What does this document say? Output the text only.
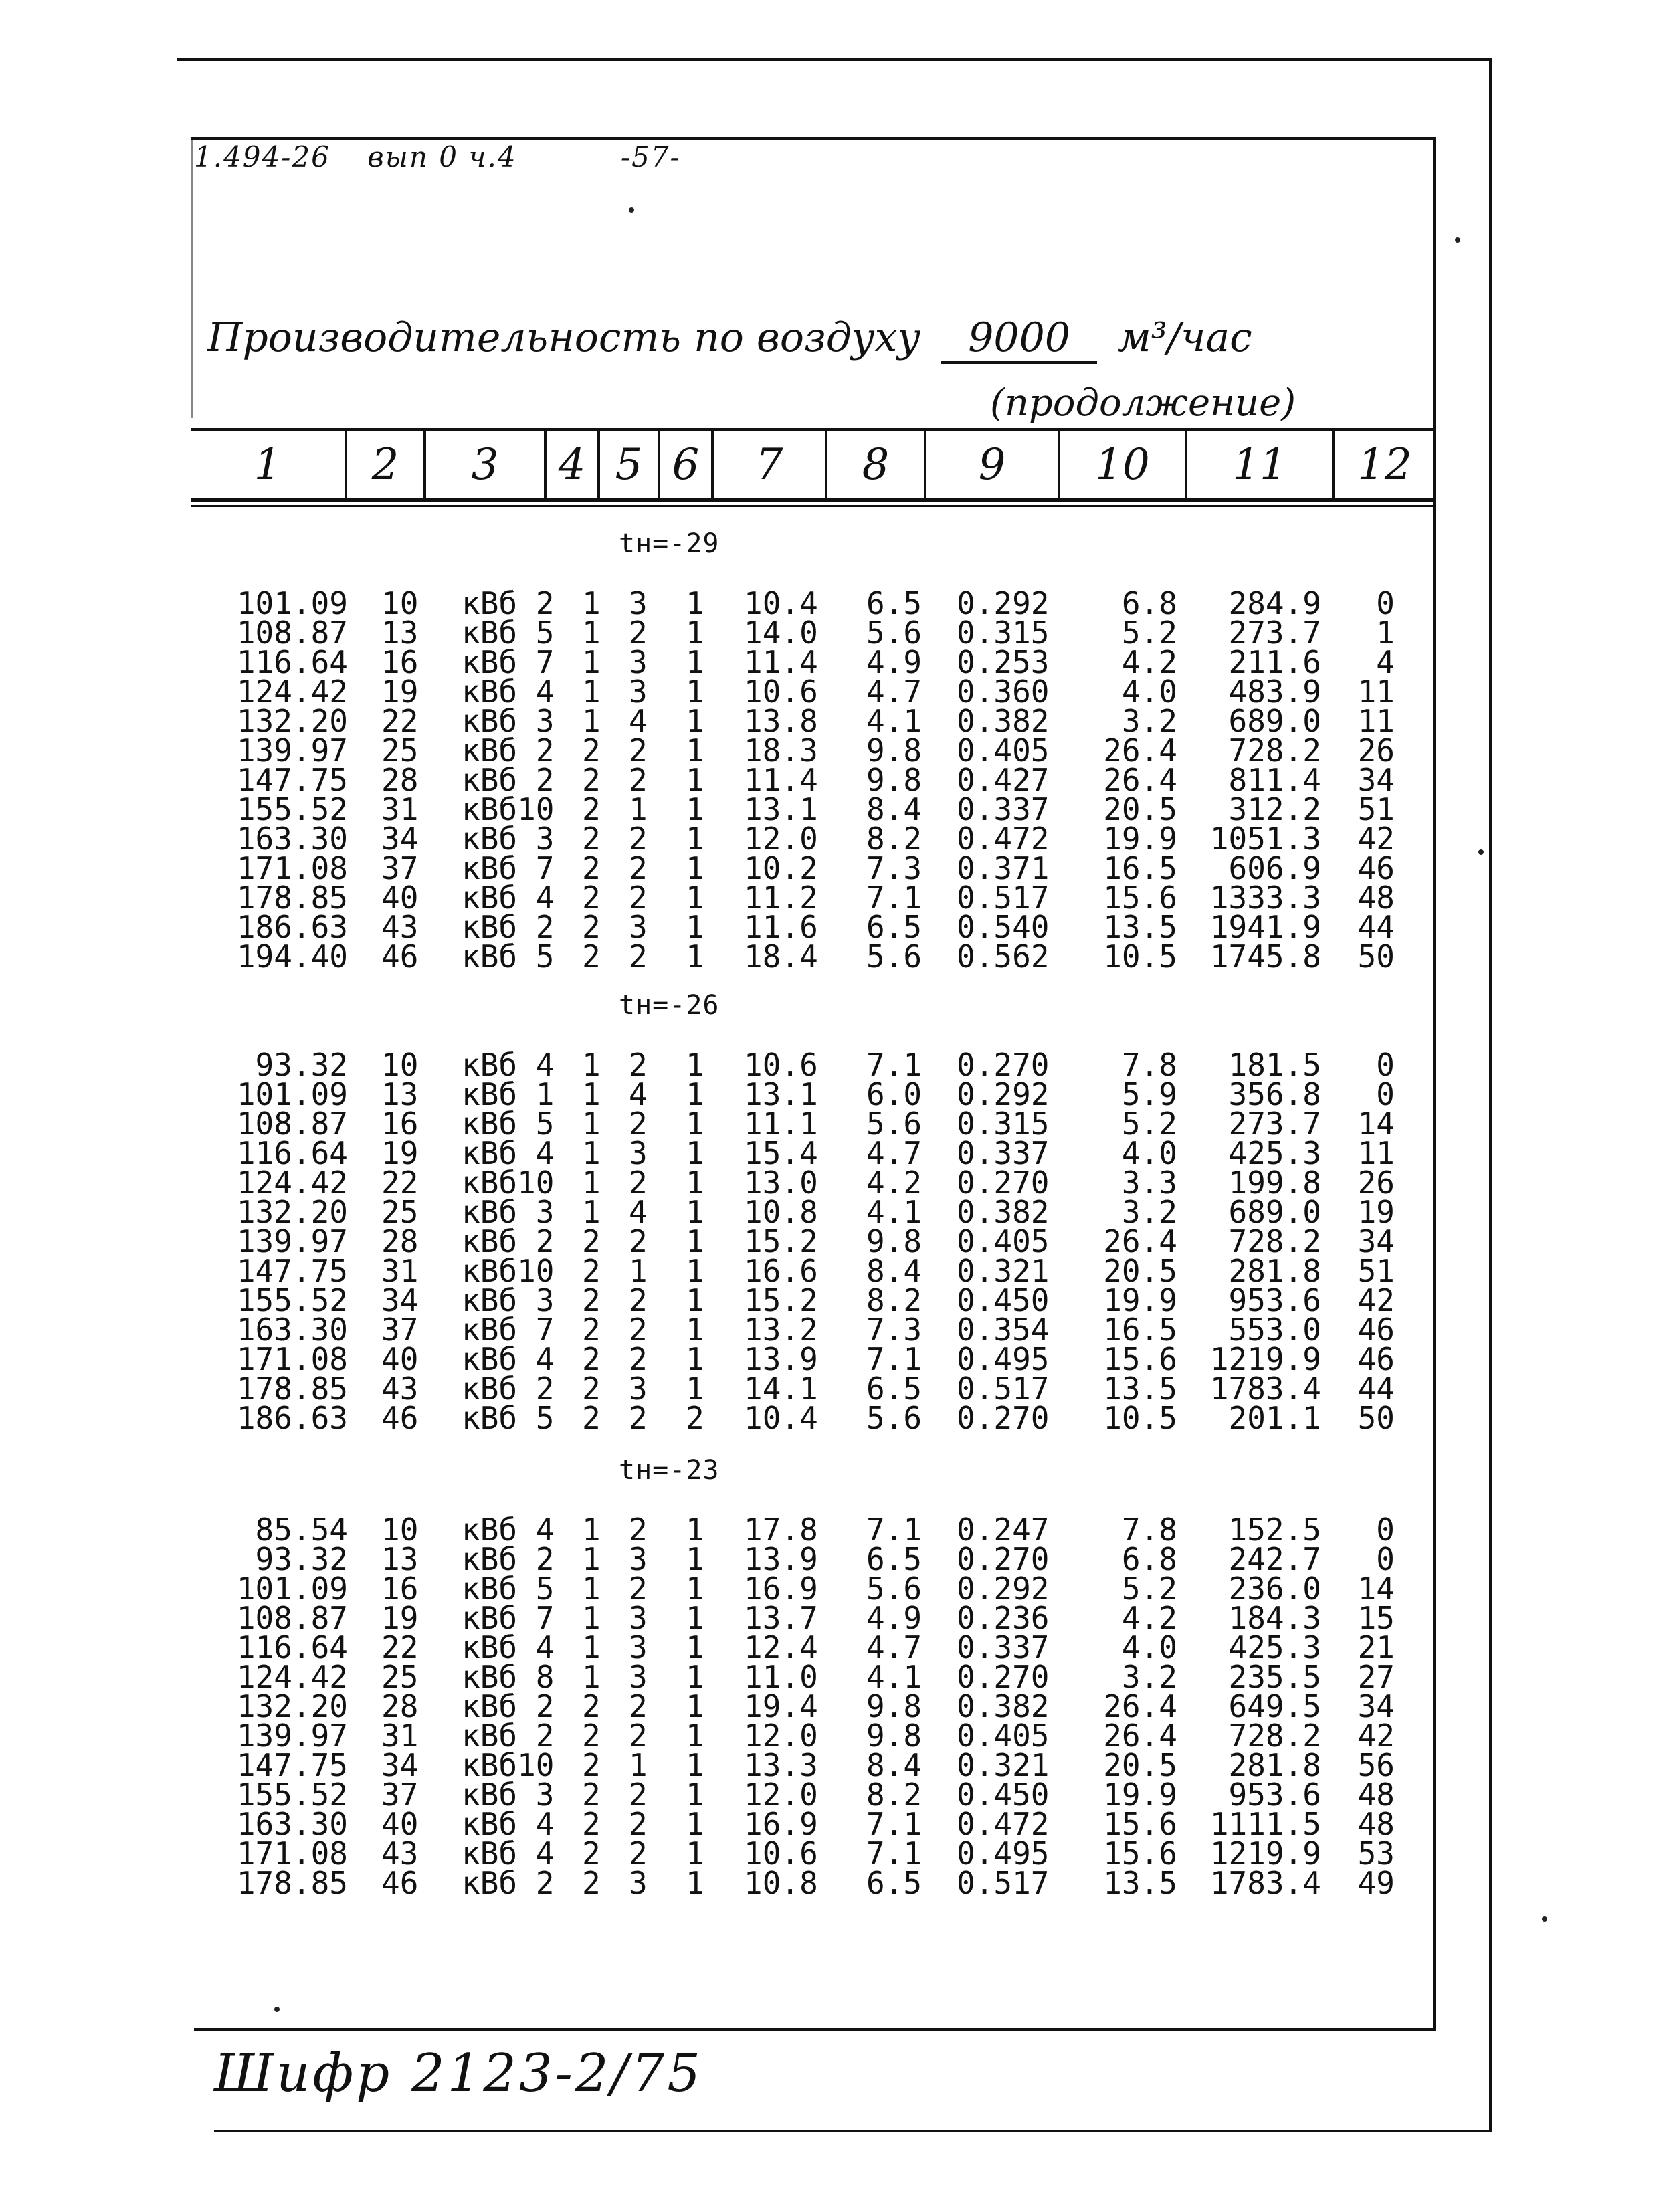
1.494-26 вып 0 ч.4	-57-
Производительность по воздуху 9000 м³/час
(продолжение)
1	2	3	4 5 6	7	8	9	10	11	12
tн=-29
101.09 10 кВб 2 1 3 1 10.4 6.5 0.292 6.8 284.9 0
108.87 13 кВб 5 1 2 1 14.0 5.6 0.315 5.2 273.7 1
116.64 16 кВб 7 1 3 1 11.4 4.9 0.253 4.2 211.6 4
124.42 19 кВб 4 1 3 1 10.6 4.7 0.360 4.0 483.9 11
132.20 22 кВб 3 1 4 1 13.8 4.1 0.382 3.2 689.0 11
139.97 25 кВб 2 2 2 1 18.3 9.8 0.405 26.4 728.2 26
147.75 28 кВб 2 2 2 1 11.4 9.8 0.427 26.4 811.4 34
155.52 31 кВб10 2 1 1 13.1 8.4 0.337 20.5 312.2 51
163.30 34 кВб 3 2 2 1 12.0 8.2 0.472 19.9 1051.3 42
171.08 37 кВб 7 2 2 1 10.2 7.3 0.371 16.5 606.9 46
178.85 40 кВб 4 2 2 1 11.2 7.1 0.517 15.6 1333.3 48
186.63 43 кВб 2 2 3 1 11.6 6.5 0.540 13.5 1941.9 44
194.40 46 кВб 5 2 2 1 18.4 5.6 0.562 10.5 1745.8 50
tн=-26
93.32 10 кВб 4 1 2 1 10.6 7.1 0.270 7.8 181.5 0
101.09 13 кВб 1 1 4 1 13.1 6.0 0.292 5.9 356.8 0
108.87 16 кВб 5 1 2 1 11.1 5.6 0.315 5.2 273.7 14
116.64 19 кВб 4 1 3 1 15.4 4.7 0.337 4.0 425.3 11
124.42 22 кВб10 1 2 1 13.0 4.2 0.270 3.3 199.8 26
132.20 25 кВб 3 1 4 1 10.8 4.1 0.382 3.2 689.0 19
139.97 28 кВб 2 2 2 1 15.2 9.8 0.405 26.4 728.2 34
147.75 31 кВб10 2 1 1 16.6 8.4 0.321 20.5 281.8 51
155.52 34 кВб 3 2 2 1 15.2 8.2 0.450 19.9 953.6 42
163.30 37 кВб 7 2 2 1 13.2 7.3 0.354 16.5 553.0 46
171.08 40 кВб 4 2 2 1 13.9 7.1 0.495 15.6 1219.9 46
178.85 43 кВб 2 2 3 1 14.1 6.5 0.517 13.5 1783.4 44
186.63 46 кВб 5 2 2 2 10.4 5.6 0.270 10.5 201.1 50
tн=-23
85.54 10 кВб 4 1 2 1 17.8 7.1 0.247 7.8 152.5 0
93.32 13 кВб 2 1 3 1 13.9 6.5 0.270 6.8 242.7 0
101.09 16 кВб 5 1 2 1 16.9 5.6 0.292 5.2 236.0 14
108.87 19 кВб 7 1 3 1 13.7 4.9 0.236 4.2 184.3 15
116.64 22 кВб 4 1 3 1 12.4 4.7 0.337 4.0 425.3 21
124.42 25 кВб 8 1 3 1 11.0 4.1 0.270 3.2 235.5 27
132.20 28 кВб 2 2 2 1 19.4 9.8 0.382 26.4 649.5 34
139.97 31 кВб 2 2 2 1 12.0 9.8 0.405 26.4 728.2 42
147.75 34 кВб10 2 1 1 13.3 8.4 0.321 20.5 281.8 56
155.52 37 кВб 3 2 2 1 12.0 8.2 0.450 19.9 953.6 48
163.30 40 кВб 4 2 2 1 16.9 7.1 0.472 15.6 1111.5 48
171.08 43 кВб 4 2 2 1 10.6 7.1 0.495 15.6 1219.9 53
178.85 46 кВб 2 2 3 1 10.8 6.5 0.517 13.5 1783.4 49
Шифр 2123-2/75
